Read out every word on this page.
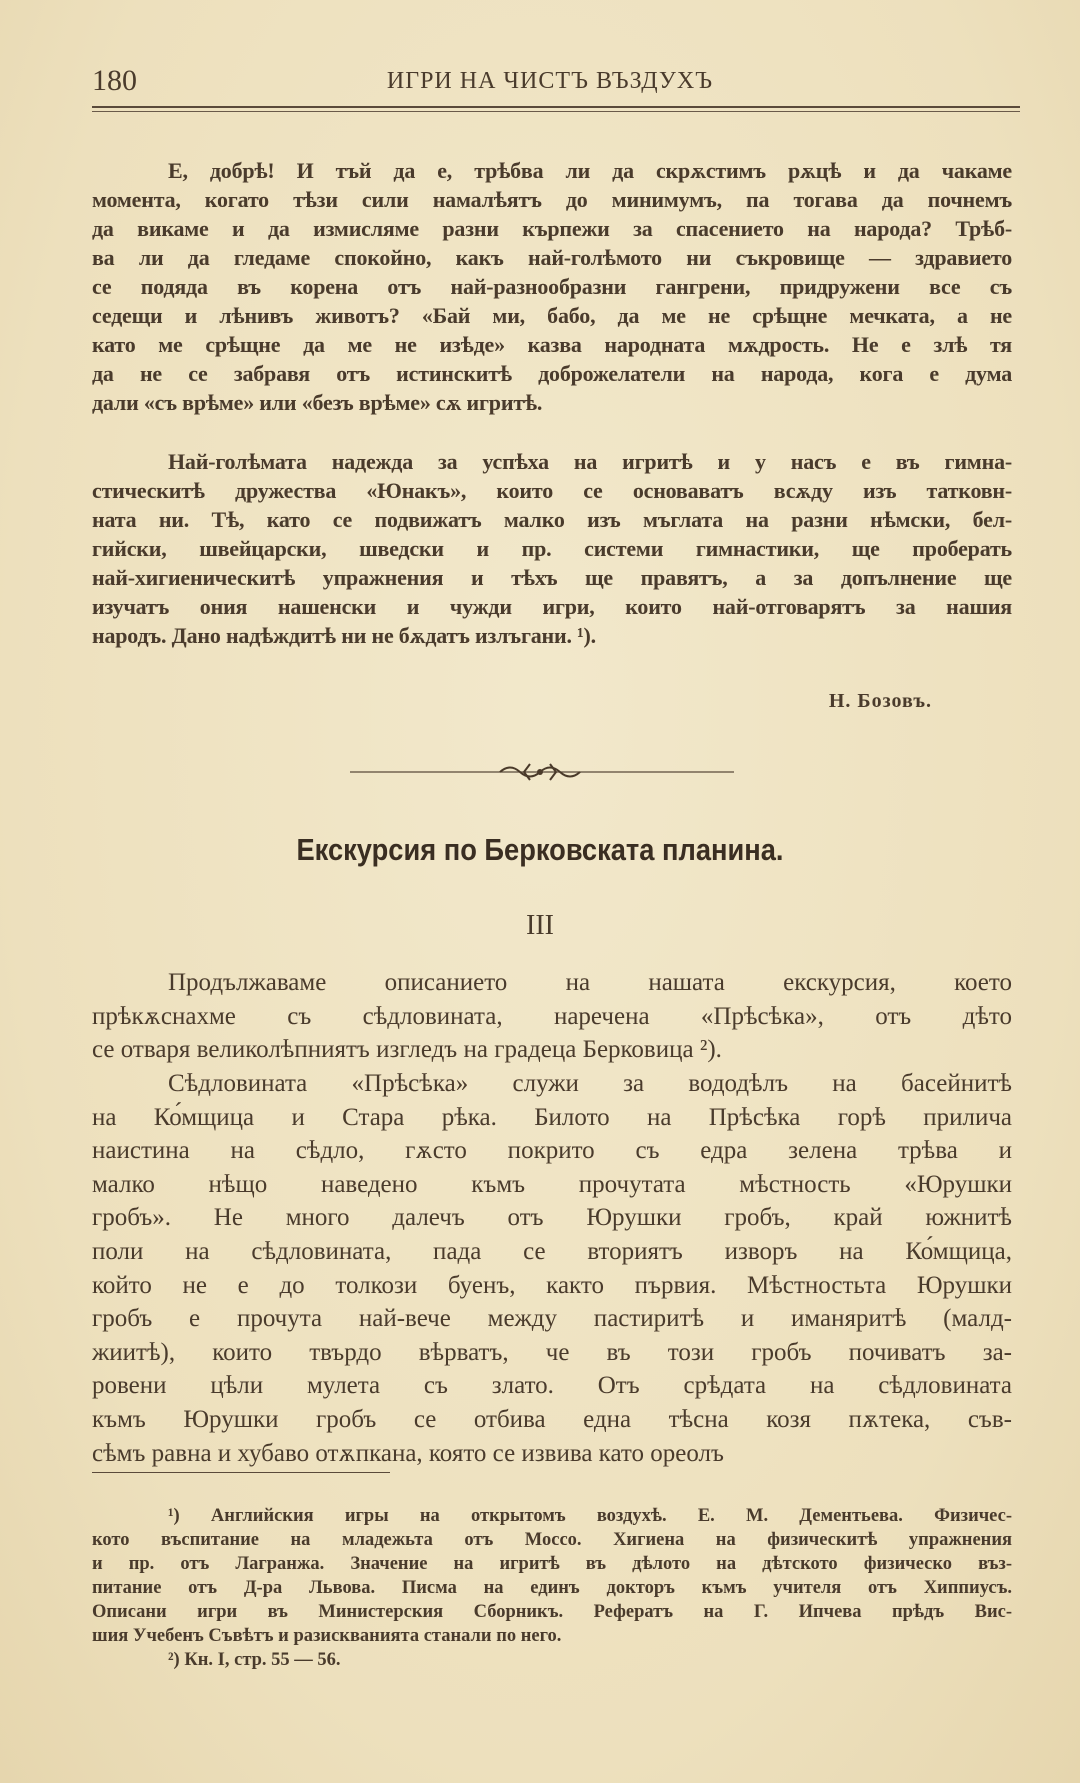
180	ИГРИ НА ЧИСТЪ ВЪЗДУХЪ
Е, добрѣ! И тъй да е, трѣбва ли да скрѫстимъ рѫцѣ и да чакаме
момента, когато тѣзи сили намалѣятъ до минимумъ, па тогава да почнемъ
да викаме и да измисляме разни кърпежи за спасението на народа? Трѣб-
ва ли да гледаме спокойно, какъ най-голѣмото ни съкровище — здравието
се подяда въ корена отъ най-разнообразни гангрени, придружени все съ
седещи и лѣнивъ животъ? «Бай ми, бабо, да ме не срѣщне мечката, а не
като ме срѣщне да ме не изѣде» казва народната мѫдрость. Не е злѣ тя
да не се забравя отъ истинскитѣ доброжелатели на народа, кога е дума
дали «съ врѣме» или «безъ врѣме» сѫ игритѣ.
Най-голѣмата надежда за успѣха на игритѣ и у насъ е въ гимна-
стическитѣ дружества «Юнакъ», които се основаватъ всѫду изъ татковн-
ната ни. Тѣ, като се подвижатъ малко изъ мъглата на разни нѣмски, бел-
гийски, швейцарски, шведски и пр. системи гимнастики, ще проберать
най-хигиеническитѣ упражнения и тѣхъ ще правятъ, а за допълнение ще
изучатъ ония нашенски и чужди игри, които най-отговарятъ за нашия
народъ. Дано надѣждитѣ ни не бѫдатъ излъгани. ¹).
Н. Бозовъ.
Екскурсия по Берковската планина.
III
Продължаваме описанието на нашата екскурсия, което
прѣкѫснахме съ сѣдловината, наречена «Прѣсѣка», отъ дѣто
се отваря великолѣпниятъ изгледъ на градеца Берковица ²).
Сѣдловината «Прѣсѣка» служи за вододѣлъ на басейнитѣ
на Ко́мщица и Стара рѣка. Билото на Прѣсѣка горѣ прилича
наистина на сѣдло, гѫсто покрито съ едра зелена трѣва и
малко нѣщо наведено къмъ прочутата мѣстность «Юрушки
гробъ». Не много далечъ отъ Юрушки гробъ, край южнитѣ
поли на сѣдловината, пада се вториятъ изворъ на Ко́мщица,
който не е до толкози буенъ, както първия. Мѣстностьта Юрушки
гробъ е прочута най-вече между пастиритѣ и иманяритѣ (малд-
жиитѣ), които твърдо вѣрватъ, че въ този гробъ почиватъ за-
ровени цѣли мулета съ злато. Отъ срѣдата на сѣдловината
къмъ Юрушки гробъ се отбива една тѣсна козя пѫтека, съв-
сѣмъ равна и хубаво отѫпкана, която се извива като ореолъ
¹) Английския игры на открытомъ воздухѣ. Е. М. Дементьева. Физичес-
кото въспитание на младежьта отъ Моссо. Хигиена на физическитѣ упражнения
и пр. отъ Лагранжа. Значение на игритѣ въ дѣлото на дѣтското физическо въз-
питание отъ Д-ра Львова. Писма на единъ докторъ къмъ учителя отъ Хиппиусъ.
Описани игри въ Министерския Сборникъ. Рефератъ на Г. Ипчева прѣдъ Вис-
шия Учебенъ Съвѣтъ и разискванията станали по него.
²) Кн. I, стр. 55 — 56.
